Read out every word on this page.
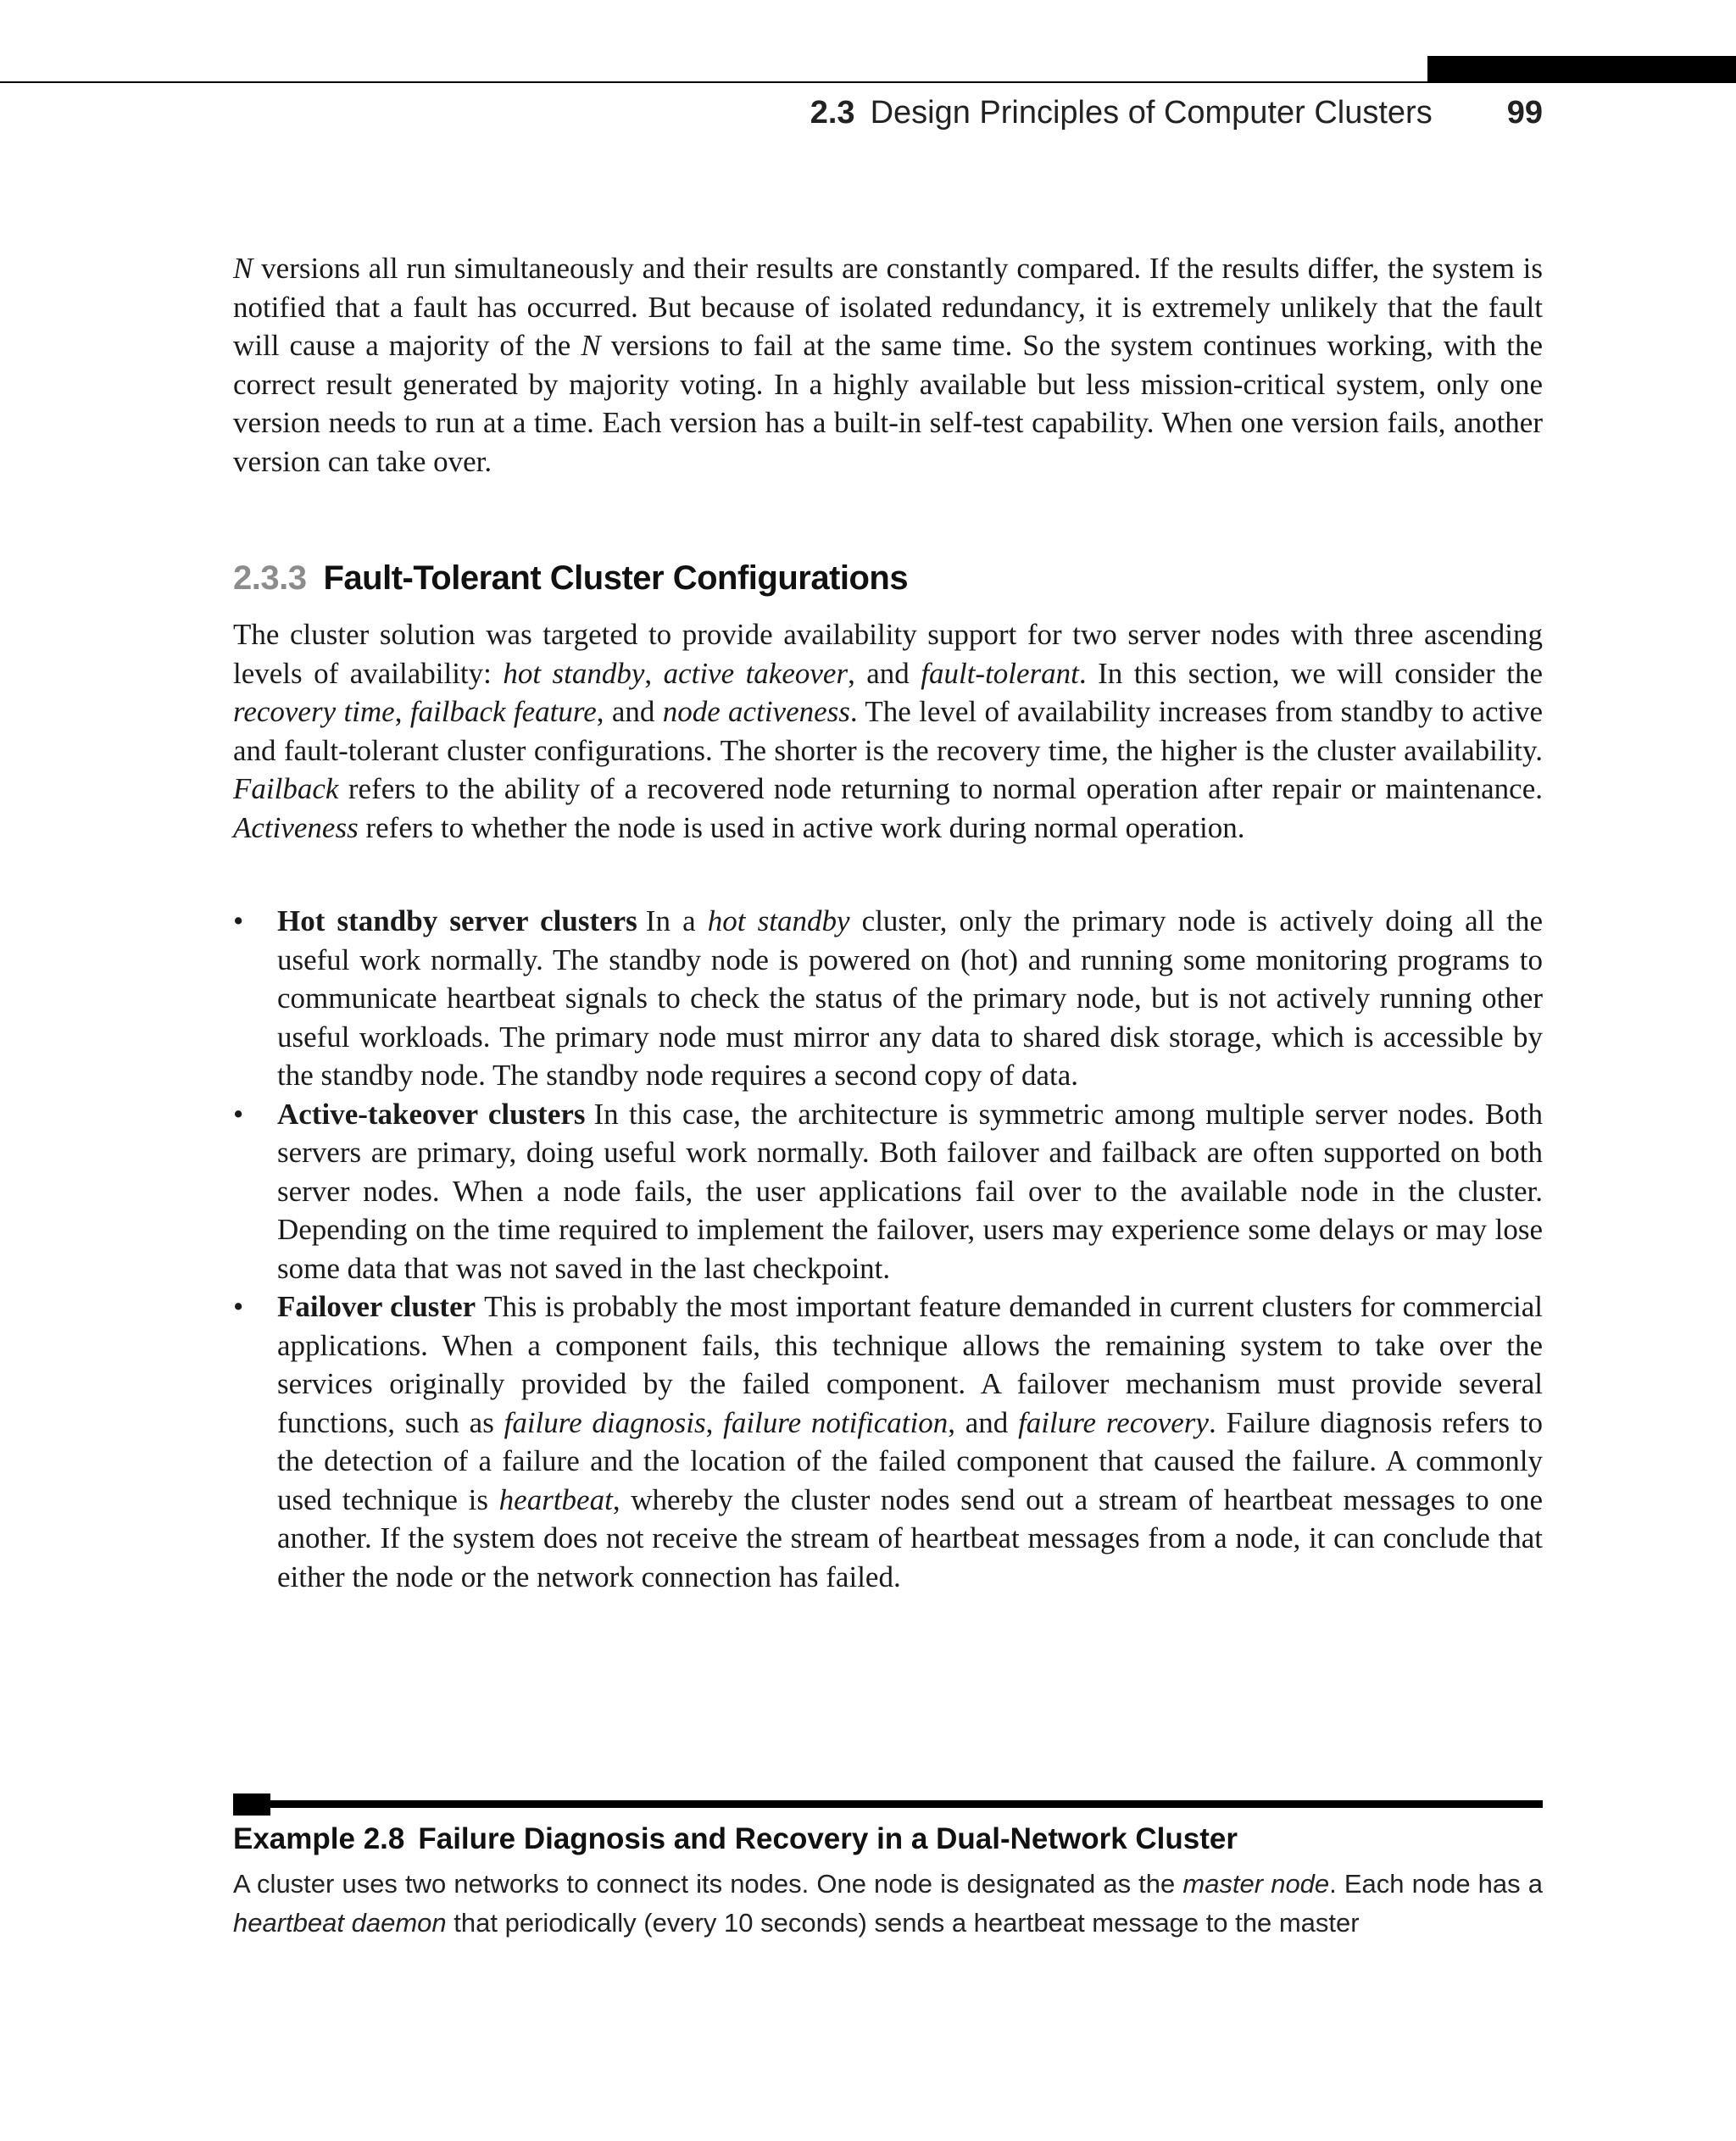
2.3 Design Principles of Computer Clusters 99

N versions all run simultaneously and their results are constantly compared. If the results differ, the system is notified that a fault has occurred. But because of isolated redundancy, it is extremely unlikely that the fault will cause a majority of the N versions to fail at the same time. So the system continues working, with the correct result generated by majority voting. In a highly available but less mission-critical system, only one version needs to run at a time. Each version has a built-in self-test capability. When one version fails, another version can take over.

2.3.3 Fault-Tolerant Cluster Configurations

The cluster solution was targeted to provide availability support for two server nodes with three ascending levels of availability: hot standby, active takeover, and fault-tolerant. In this section, we will consider the recovery time, failback feature, and node activeness. The level of availability increases from standby to active and fault-tolerant cluster configurations. The shorter is the recovery time, the higher is the cluster availability. Failback refers to the ability of a recovered node returning to normal operation after repair or maintenance. Activeness refers to whether the node is used in active work during normal operation.

• Hot standby server clusters In a hot standby cluster, only the primary node is actively doing all the useful work normally. The standby node is powered on (hot) and running some monitoring programs to communicate heartbeat signals to check the status of the primary node, but is not actively running other useful workloads. The primary node must mirror any data to shared disk storage, which is accessible by the standby node. The standby node requires a second copy of data.
• Active-takeover clusters In this case, the architecture is symmetric among multiple server nodes. Both servers are primary, doing useful work normally. Both failover and failback are often supported on both server nodes. When a node fails, the user applications fail over to the available node in the cluster. Depending on the time required to implement the failover, users may experience some delays or may lose some data that was not saved in the last checkpoint.
• Failover cluster This is probably the most important feature demanded in current clusters for commercial applications. When a component fails, this technique allows the remaining system to take over the services originally provided by the failed component. A failover mechanism must provide several functions, such as failure diagnosis, failure notification, and failure recovery. Failure diagnosis refers to the detection of a failure and the location of the failed component that caused the failure. A commonly used technique is heartbeat, whereby the cluster nodes send out a stream of heartbeat messages to one another. If the system does not receive the stream of heartbeat messages from a node, it can conclude that either the node or the network connection has failed.
Example 2.8 Failure Diagnosis and Recovery in a Dual-Network Cluster

A cluster uses two networks to connect its nodes. One node is designated as the master node. Each node has a heartbeat daemon that periodically (every 10 seconds) sends a heartbeat message to the master
